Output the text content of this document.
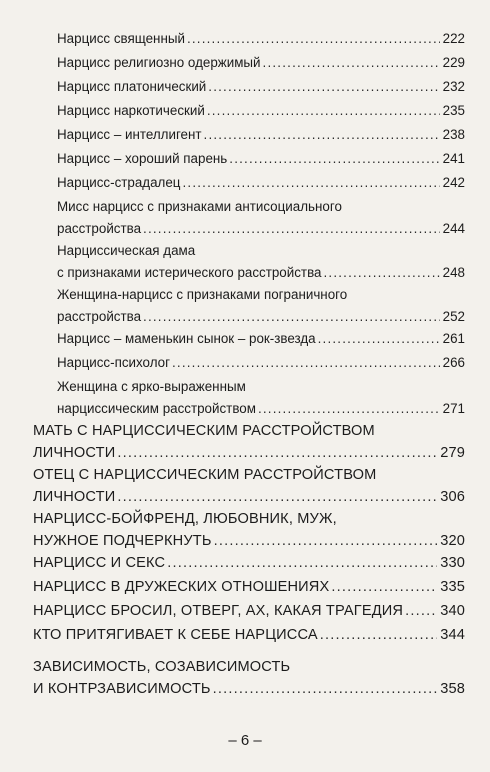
Нарцисс священный .....	222
Нарцисс религиозно одержимый .....	229
Нарцисс платонический .....	232
Нарцисс наркотический .....	235
Нарцисс – интеллигент .....	238
Нарцисс – хороший парень .....	241
Нарцисс-страдалец .....	242
Мисс нарцисс с признаками антисоциального
расстройства .....	244
Нарциссическая дама
с признаками истерического расстройства .....	248
Женщина-нарцисс с признаками пограничного
расстройства .....	252
Нарцисс – маменькин сынок – рок-звезда .....	261
Нарцисс-психолог .....	266
Женщина с ярко-выраженным
нарциссическим расстройством .....	271
МАТЬ С НАРЦИССИЧЕСКИМ РАССТРОЙСТВОМ
ЛИЧНОСТИ .....	279
ОТЕЦ С НАРЦИССИЧЕСКИМ РАССТРОЙСТВОМ
ЛИЧНОСТИ .....	306
НАРЦИСС-БОЙФРЕНД, ЛЮБОВНИК, МУЖ,
НУЖНОЕ ПОДЧЕРКНУТЬ .....	320
НАРЦИСС И СЕКС .....	330
НАРЦИСС В ДРУЖЕСКИХ ОТНОШЕНИЯХ .....	335
НАРЦИСС БРОСИЛ, ОТВЕРГ, АХ, КАКАЯ ТРАГЕДИЯ .....	340
КТО ПРИТЯГИВАЕТ К СЕБЕ НАРЦИССА .....	344
ЗАВИСИМОСТЬ, СОЗАВИСИМОСТЬ
И КОНТРЗАВИСИМОСТЬ .....	358
– 6 –
